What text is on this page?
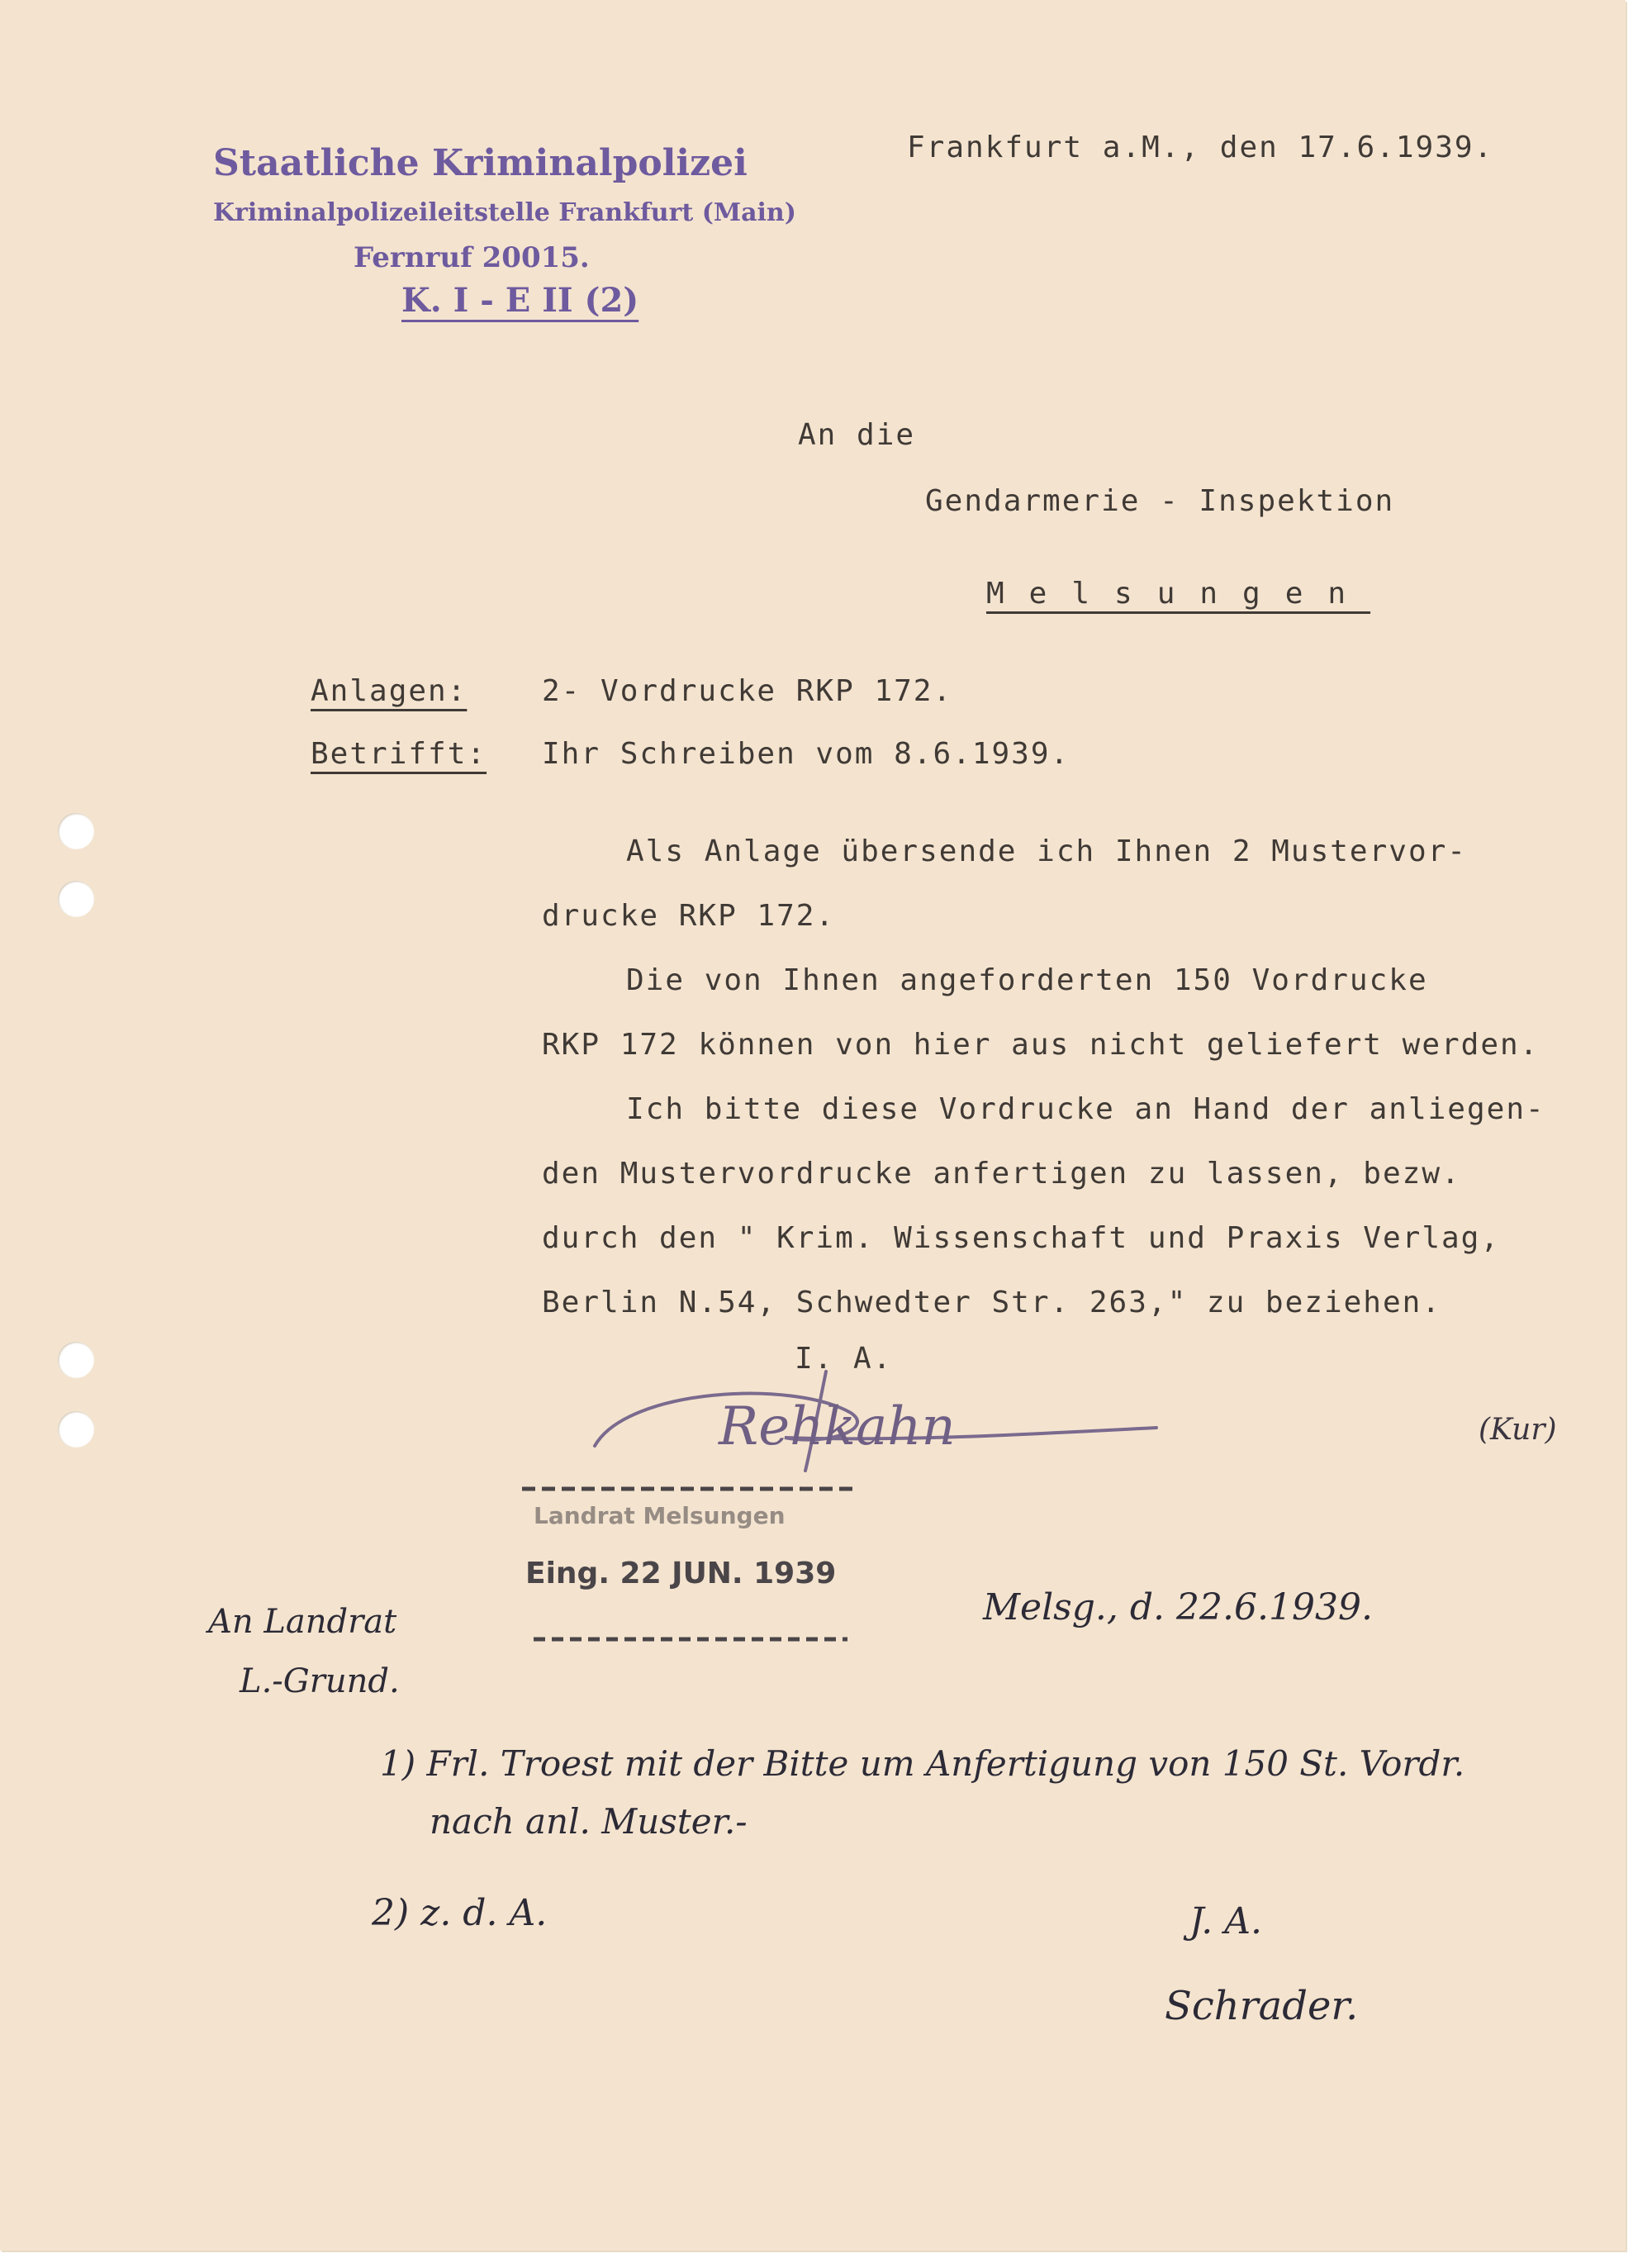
Staatliche Kriminalpolizei
Kriminalpolizeileitstelle Frankfurt (Main)
Fernruf 20015.
K. I - E II (2)
Frankfurt a.M., den 17.6.1939.
An die
Gendarmerie - Inspektion
Melsungen
Anlagen:	2- Vordrucke RKP 172.
Betrifft: Ihr Schreiben vom 8.6.1939.
Als Anlage übersende ich Ihnen 2 Mustervor-
drucke RKP 172.
Die von Ihnen angeforderten 150 Vordrucke
RKP 172 können von hier aus nicht geliefert werden.
Ich bitte diese Vordrucke an Hand der anliegen-
den Mustervordrucke anfertigen zu lassen, bezw.
durch den " Krim. Wissenschaft und Praxis Verlag,
Berlin N.54, Schwedter Str. 263," zu beziehen.
I. A.
Rehkahn	(Kur)
Landrat Melsungen
Eing. 22 JUN. 1939
An Landrat
L.-Grund.
Melsg., d. 22.6.1939.
1) Frl. Troest mit der Bitte um Anfertigung von 150 St. Vordr.
nach anl. Muster.-
2) z. d. A.	J. A.
Schrader.
